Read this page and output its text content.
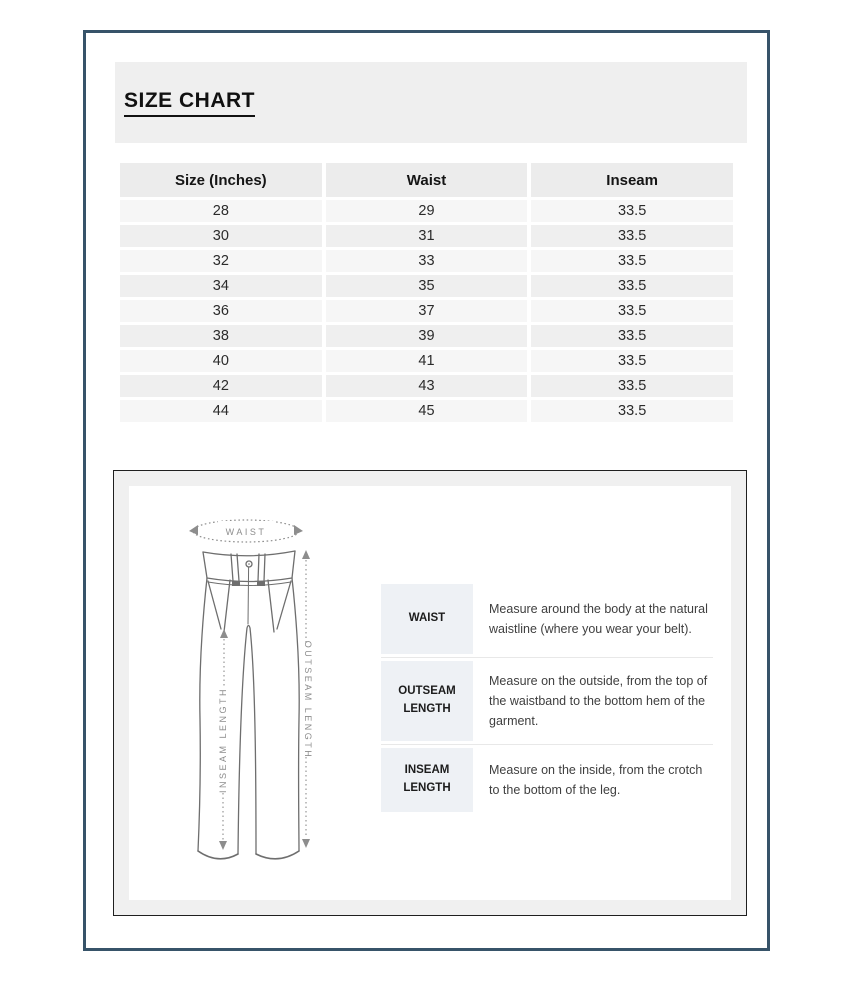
SIZE CHART
Size (Inches)	Waist	Inseam
28	29	33.5
30	31	33.5
32	33	33.5
34	35	33.5
36	37	33.5
38	39	33.5
40	41	33.5
42	43	33.5
44	45	33.5
WAIST
INSEAM LENGTH	OUTSEAM LENGTH
WAIST
Measure around the body at the natural waistline (where you wear your belt).
OUTSEAM LENGTH
Measure on the outside, from the top of the waistband to the bottom hem of the garment.
INSEAM LENGTH
Measure on the inside, from the crotch to the bottom of the leg.
